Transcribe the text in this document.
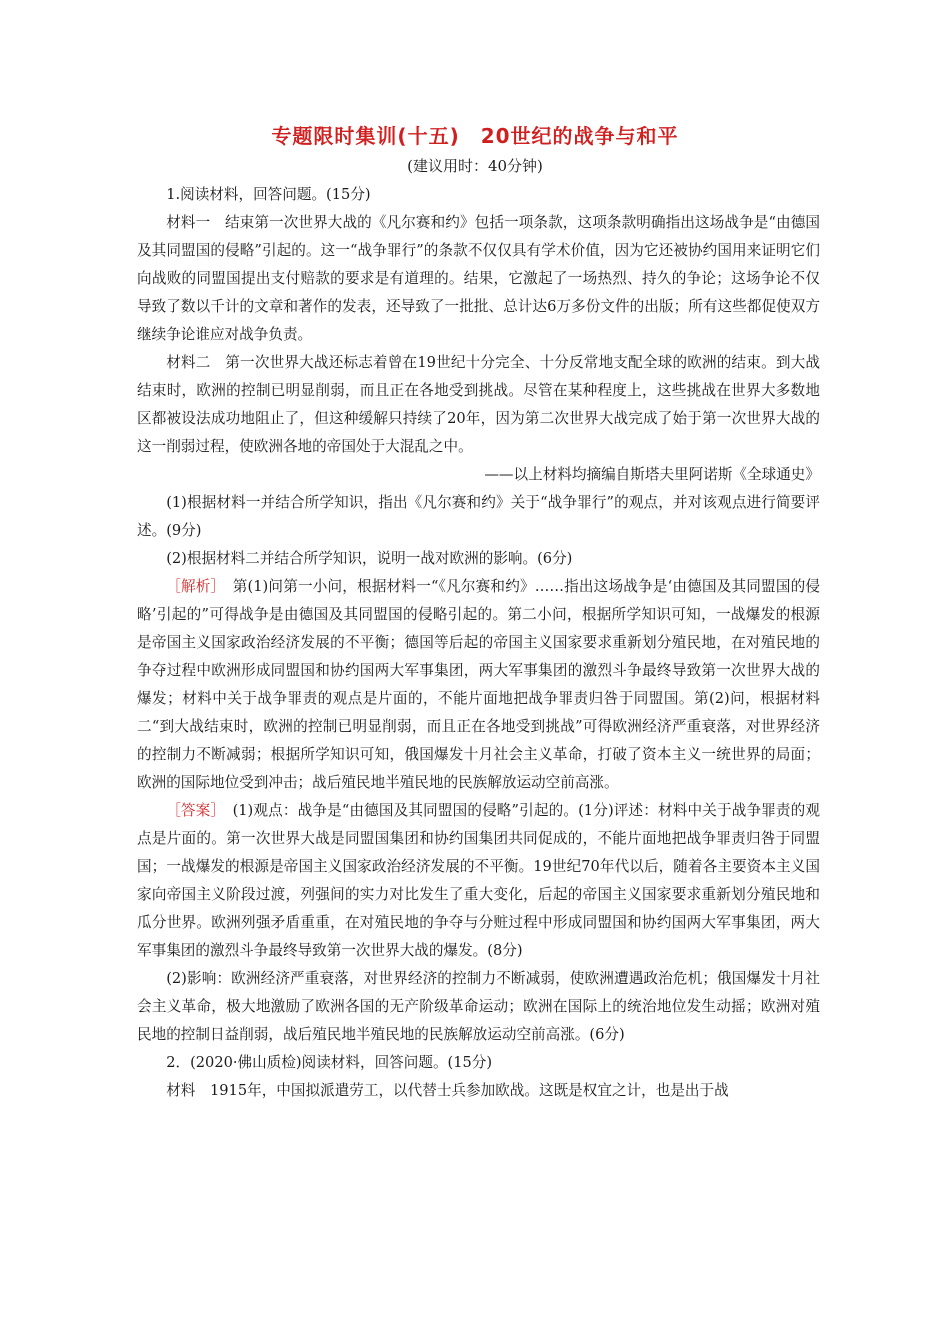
专题限时集训(十五)　20世纪的战争与和平
(建议用时：40分钟)

1.阅读材料，回答问题。(15分)

材料一　结束第一次世界大战的《凡尔赛和约》包括一项条款，这项条款明确指出这场战争是“由德国及其同盟国的侵略”引起的。这一“战争罪行”的条款不仅仅具有学术价值，因为它还被协约国用来证明它们向战败的同盟国提出支付赔款的要求是有道理的。结果，它激起了一场热烈、持久的争论；这场争论不仅导致了数以千计的文章和著作的发表，还导致了一批批、总计达6万多份文件的出版；所有这些都促使双方继续争论谁应对战争负责。

材料二　第一次世界大战还标志着曾在19世纪十分完全、十分反常地支配全球的欧洲的结束。到大战结束时，欧洲的控制已明显削弱，而且正在各地受到挑战。尽管在某种程度上，这些挑战在世界大多数地区都被设法成功地阻止了，但这种缓解只持续了20年，因为第二次世界大战完成了始于第一次世界大战的这一削弱过程，使欧洲各地的帝国处于大混乱之中。

——以上材料均摘编自斯塔夫里阿诺斯《全球通史》

(1)根据材料一并结合所学知识，指出《凡尔赛和约》关于“战争罪行”的观点，并对该观点进行简要评述。(9分)

(2)根据材料二并结合所学知识，说明一战对欧洲的影响。(6分)

［解析］　第(1)问第一小问，根据材料一“《凡尔赛和约》……指出这场战争是‘由德国及其同盟国的侵略’引起的”可得战争是由德国及其同盟国的侵略引起的。第二小问，根据所学知识可知，一战爆发的根源是帝国主义国家政治经济发展的不平衡；德国等后起的帝国主义国家要求重新划分殖民地，在对殖民地的争夺过程中欧洲形成同盟国和协约国两大军事集团，两大军事集团的激烈斗争最终导致第一次世界大战的爆发；材料中关于战争罪责的观点是片面的，不能片面地把战争罪责归咎于同盟国。第(2)问，根据材料二“到大战结束时，欧洲的控制已明显削弱，而且正在各地受到挑战”可得欧洲经济严重衰落，对世界经济的控制力不断减弱；根据所学知识可知，俄国爆发十月社会主义革命，打破了资本主义一统世界的局面；欧洲的国际地位受到冲击；战后殖民地半殖民地的民族解放运动空前高涨。

［答案］　(1)观点：战争是“由德国及其同盟国的侵略”引起的。(1分)评述：材料中关于战争罪责的观点是片面的。第一次世界大战是同盟国集团和协约国集团共同促成的，不能片面地把战争罪责归咎于同盟国；一战爆发的根源是帝国主义国家政治经济发展的不平衡。19世纪70年代以后，随着各主要资本主义国家向帝国主义阶段过渡，列强间的实力对比发生了重大变化，后起的帝国主义国家要求重新划分殖民地和瓜分世界。欧洲列强矛盾重重，在对殖民地的争夺与分赃过程中形成同盟国和协约国两大军事集团，两大军事集团的激烈斗争最终导致第一次世界大战的爆发。(8分)

(2)影响：欧洲经济严重衰落，对世界经济的控制力不断减弱，使欧洲遭遇政治危机；俄国爆发十月社会主义革命，极大地激励了欧洲各国的无产阶级革命运动；欧洲在国际上的统治地位发生动摇；欧洲对殖民地的控制日益削弱，战后殖民地半殖民地的民族解放运动空前高涨。(6分)

2．(2020·佛山质检)阅读材料，回答问题。(15分)

材料　1915年，中国拟派遣劳工，以代替士兵参加欧战。这既是权宜之计，也是出于战
